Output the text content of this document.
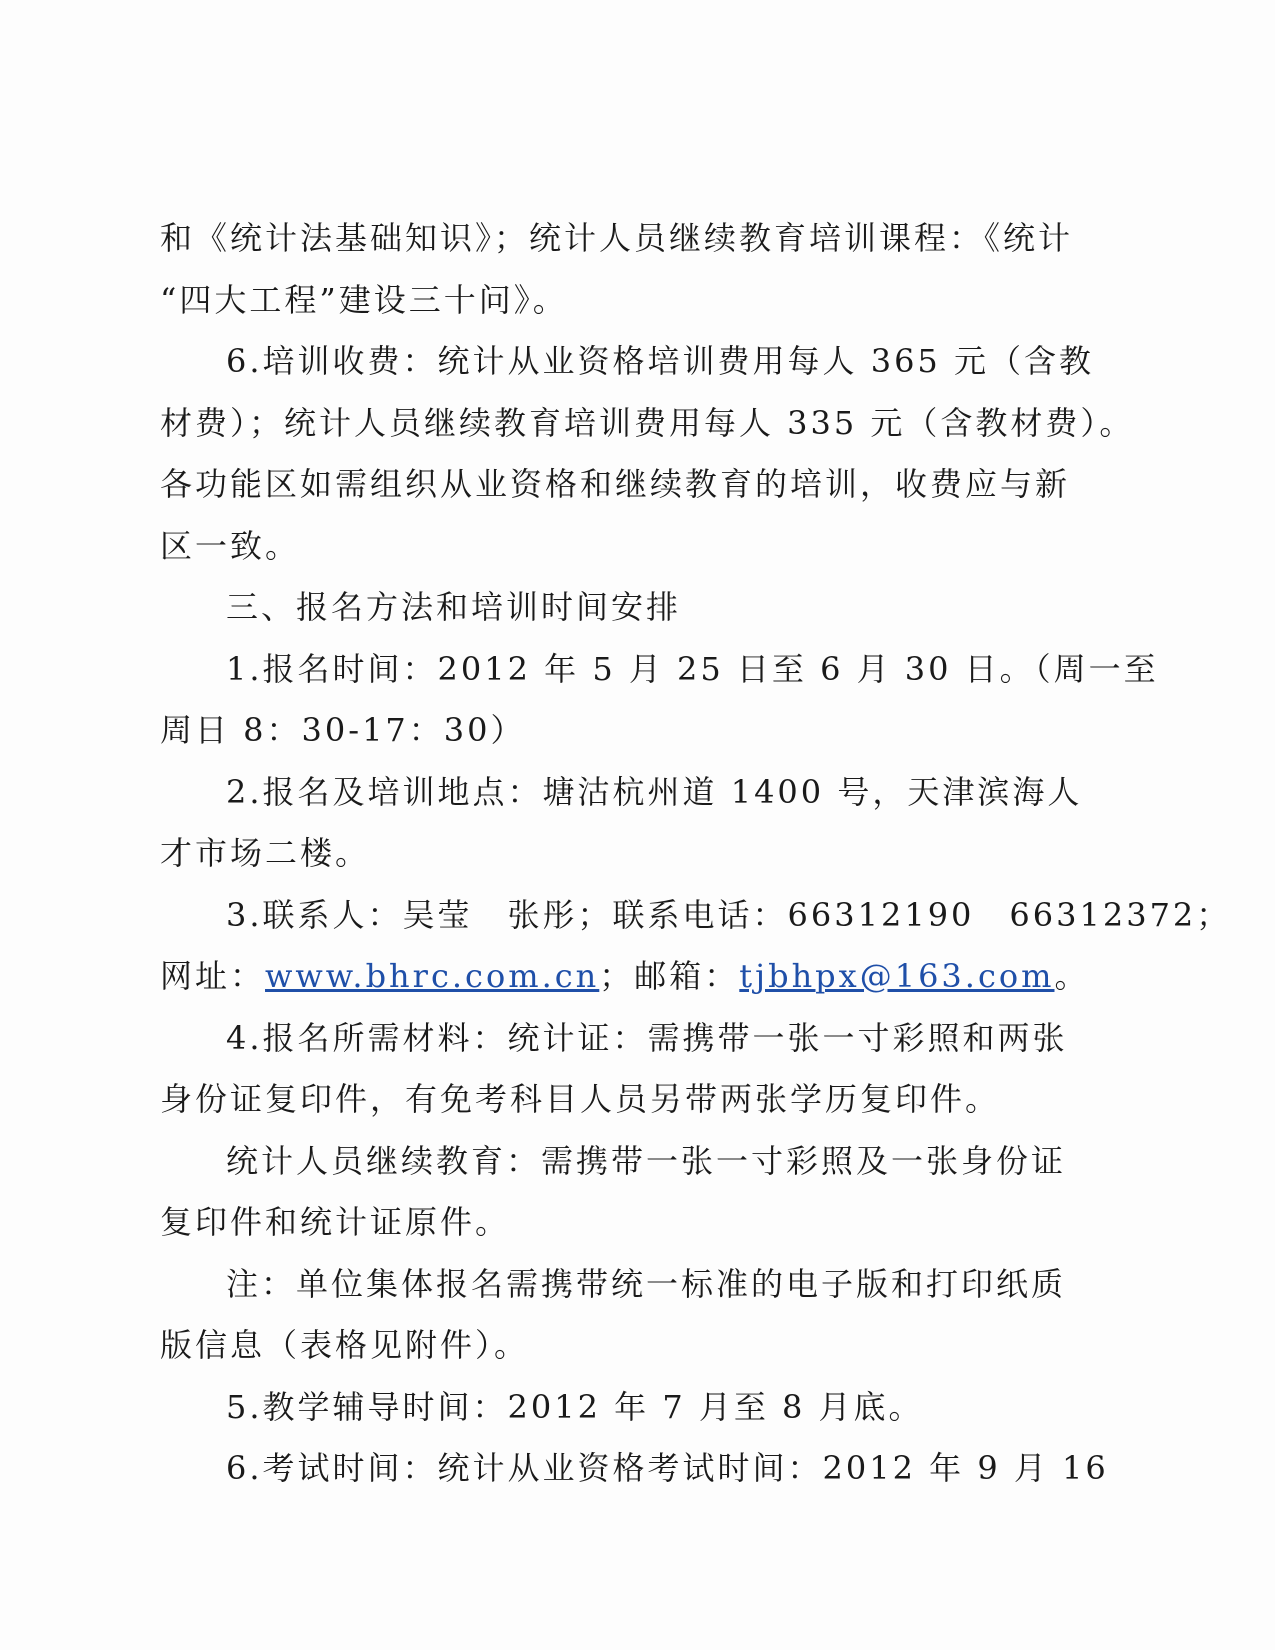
和《统计法基础知识》；统计人员继续教育培训课程：《统计
“四大工程”建设三十问》。

6.培训收费：统计从业资格培训费用每人 365 元（含教
材费）；统计人员继续教育培训费用每人 335 元（含教材费）。
各功能区如需组织从业资格和继续教育的培训，收费应与新
区一致。

三、报名方法和培训时间安排

1.报名时间：2012 年 5 月 25 日至 6 月 30 日。（周一至
周日 8：30-17：30）

2.报名及培训地点：塘沽杭州道 1400 号，天津滨海人
才市场二楼。

3.联系人：吴莹　张彤；联系电话：66312190　66312372；
网址：www.bhrc.com.cn；邮箱：tjbhpx@163.com。

4.报名所需材料：统计证：需携带一张一寸彩照和两张
身份证复印件，有免考科目人员另带两张学历复印件。

统计人员继续教育：需携带一张一寸彩照及一张身份证
复印件和统计证原件。

注：单位集体报名需携带统一标准的电子版和打印纸质
版信息（表格见附件）。

5.教学辅导时间：2012 年 7 月至 8 月底。

6.考试时间：统计从业资格考试时间：2012 年 9 月 16
